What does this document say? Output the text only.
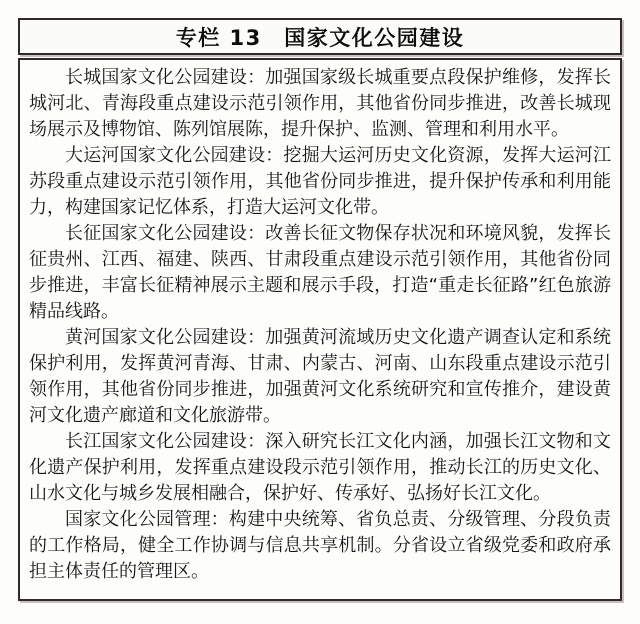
专栏 13　国家文化公园建设

长城国家文化公园建设：加强国家级长城重要点段保护维修，发挥长城河北、青海段重点建设示范引领作用，其他省份同步推进，改善长城现场展示及博物馆、陈列馆展陈，提升保护、监测、管理和利用水平。

大运河国家文化公园建设：挖掘大运河历史文化资源，发挥大运河江苏段重点建设示范引领作用，其他省份同步推进，提升保护传承和利用能力，构建国家记忆体系，打造大运河文化带。

长征国家文化公园建设：改善长征文物保存状况和环境风貌，发挥长征贵州、江西、福建、陕西、甘肃段重点建设示范引领作用，其他省份同步推进，丰富长征精神展示主题和展示手段，打造“重走长征路”红色旅游精品线路。

黄河国家文化公园建设：加强黄河流域历史文化遗产调查认定和系统保护利用，发挥黄河青海、甘肃、内蒙古、河南、山东段重点建设示范引领作用，其他省份同步推进，加强黄河文化系统研究和宣传推介，建设黄河文化遗产廊道和文化旅游带。

长江国家文化公园建设：深入研究长江文化内涵，加强长江文物和文化遗产保护利用，发挥重点建设段示范引领作用，推动长江的历史文化、山水文化与城乡发展相融合，保护好、传承好、弘扬好长江文化。

国家文化公园管理：构建中央统筹、省负总责、分级管理、分段负责的工作格局，健全工作协调与信息共享机制。分省设立省级党委和政府承担主体责任的管理区。
